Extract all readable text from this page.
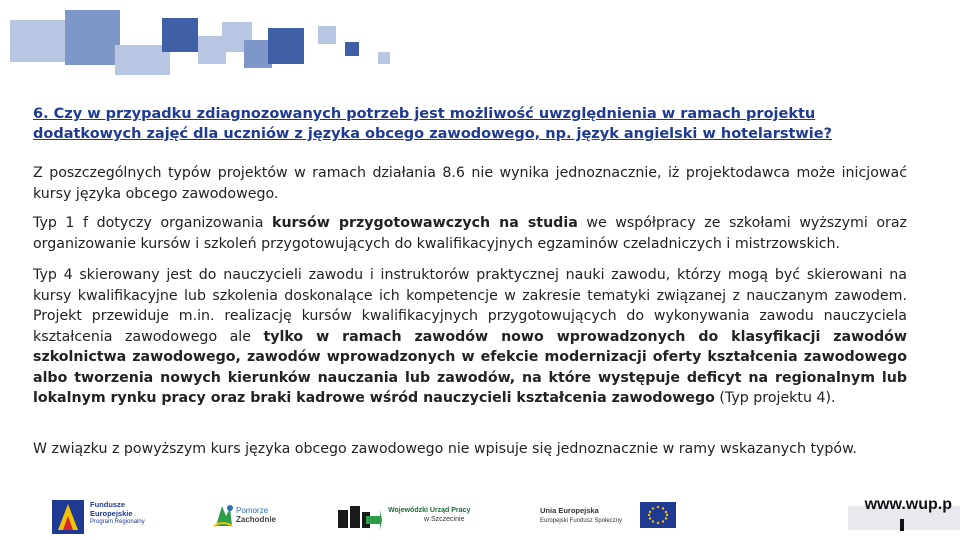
6. Czy w przypadku zdiagnozowanych potrzeb jest możliwość uwzględnienia w ramach projektu dodatkowych zajęć dla uczniów z języka obcego zawodowego, np. język angielski w hotelarstwie?

Z poszczególnych typów projektów w ramach działania 8.6 nie wynika jednoznacznie, iż projektodawca może inicjować kursy języka obcego zawodowego.

Typ 1 f dotyczy organizowania kursów przygotowawczych na studia we współpracy ze szkołami wyższymi oraz organizowanie kursów i szkoleń przygotowujących do kwalifikacyjnych egzaminów czeladniczych i mistrzowskich.

Typ 4 skierowany jest do nauczycieli zawodu i instruktorów praktycznej nauki zawodu, którzy mogą być skierowani na kursy kwalifikacyjne lub szkolenia doskonalące ich kompetencje w zakresie tematyki związanej z nauczanym zawodem. Projekt przewiduje m.in. realizację kursów kwalifikacyjnych przygotowujących do wykonywania zawodu nauczyciela kształcenia zawodowego ale tylko w ramach zawodów nowo wprowadzonych do klasyfikacji zawodów szkolnictwa zawodowego, zawodów wprowadzonych w efekcie modernizacji oferty kształcenia zawodowego albo tworzenia nowych kierunków nauczania lub zawodów, na które występuje deficyt na regionalnym lub lokalnym rynku pracy oraz braki kadrowe wśród nauczycieli kształcenia zawodowego (Typ projektu 4).

W związku z powyższym kurs języka obcego zawodowego nie wpisuje się jednoznacznie w ramy wskazanych typów.

Fundusze
Europejskie
Program Regionalny
Pomorze
Zachodnie
Wojewódzki Urząd Pracy
w Szczecinie
Unia Europejska
Europejski Fundusz Społeczny
www.wup.p
